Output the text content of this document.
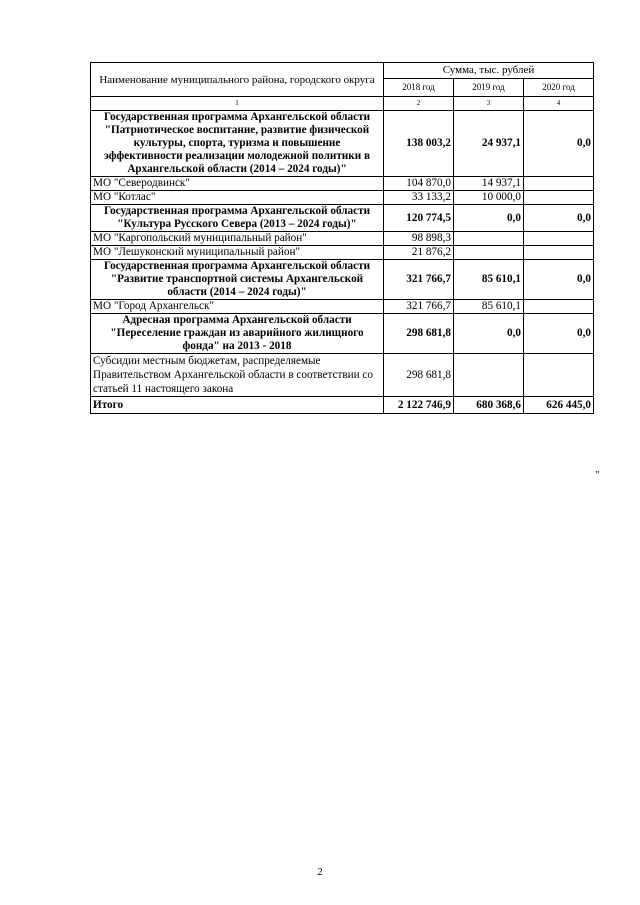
Наименование муниципального района, городского округа	Сумма, тыс. рублей		
	2018 год	2019 год	2020 год
1	2	3	4
Государственная программа Архангельской области "Патриотическое воспитание, развитие физической культуры, спорта, туризма и повышение эффективности реализации молодежной политики в Архангельской области (2014 – 2024 годы)"	138 003,2	24 937,1	0,0
МО "Северодвинск"	104 870,0	14 937,1	
МО "Котлас"	33 133,2	10 000,0	
Государственная программа Архангельской области "Культура Русского Севера (2013 – 2024 годы)"	120 774,5	0,0	0,0
МО "Каргопольский муниципальный район"	98 898,3		
МО "Лешуконский муниципальный район"	21 876,2		
Государственная программа Архангельской области "Развитие транспортной системы Архангельской области (2014 – 2024 годы)"	321 766,7	85 610,1	0,0
МО "Город Архангельск"	321 766,7	85 610,1	
Адресная программа Архангельской области "Переселение граждан из аварийного жилищного фонда" на 2013 - 2018	298 681,8	0,0	0,0
Субсидии местным бюджетам, распределяемые Правительством Архангельской области в соответствии со статьей 11 настоящего закона	298 681,8		
Итого	2 122 746,9	680 368,6	626 445,0
"
2
